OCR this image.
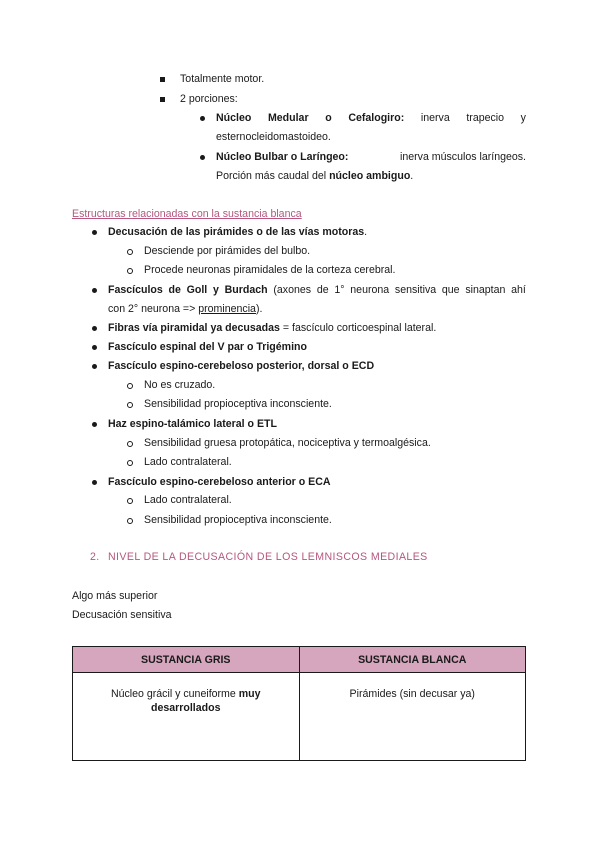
Totalmente motor.
2 porciones:
Núcleo Medular o Cefalogiro: inerva trapecio y
esternocleidomastoideo.
Núcleo Bulbar o Laríngeo:	inerva músculos laríngeos.
Porción más caudal del núcleo ambiguo.
Estructuras relacionadas con la sustancia blanca
Decusación de las pirámides o de las vías motoras.
Desciende por pirámides del bulbo.
Procede neuronas piramidales de la corteza cerebral.
Fascículos de Goll y Burdach (axones de 1° neurona sensitiva que sinaptan ahí
con 2° neurona => prominencia).
Fibras vía piramidal ya decusadas = fascículo corticoespinal lateral.
Fascículo espinal del V par o Trigémino
Fascículo espino-cerebeloso posterior, dorsal o ECD
No es cruzado.
Sensibilidad propioceptiva inconsciente.
Haz espino-talámico lateral o ETL
Sensibilidad gruesa protopática, nociceptiva y termoalgésica.
Lado contralateral.
Fascículo espino-cerebeloso anterior o ECA
Lado contralateral.
Sensibilidad propioceptiva inconsciente.
2. NIVEL DE LA DECUSACIÓN DE LOS LEMNISCOS MEDIALES
Algo más superior
Decusación sensitiva
SUSTANCIA GRIS	SUSTANCIA BLANCA
Núcleo grácil y cuneiforme muy
desarrollados	Pirámides (sin decusar ya)
